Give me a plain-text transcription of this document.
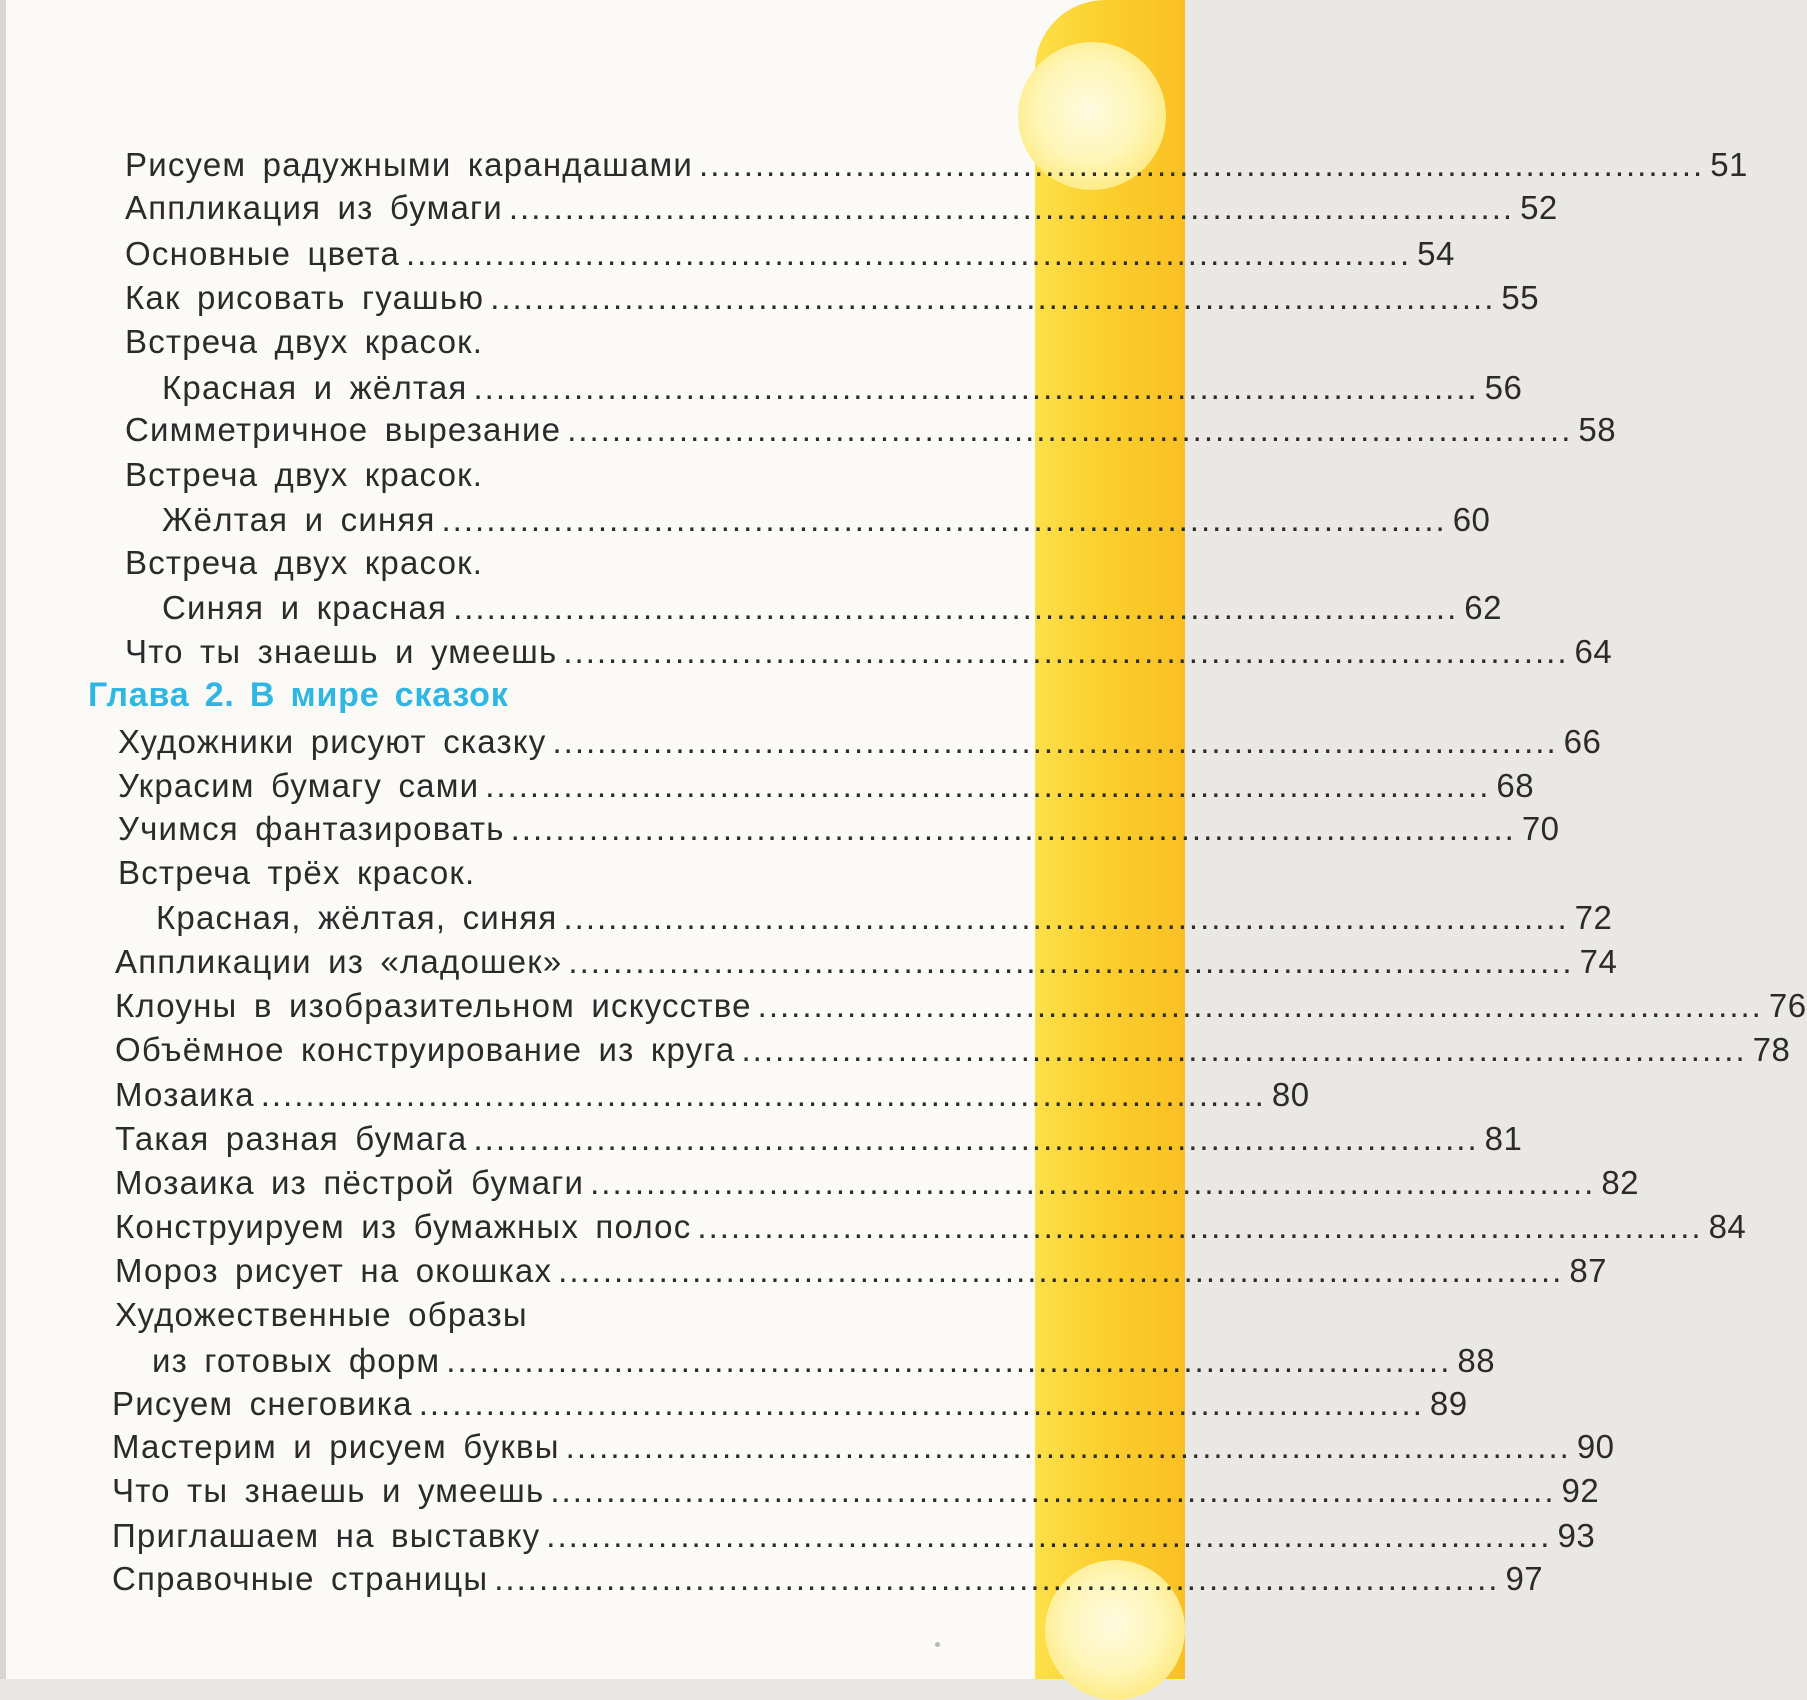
Рисуем радужными карандашами .......................................................................................... 51
Аппликация из бумаги .......................................................................................... 52
Основные цвета .......................................................................................... 54
Как рисовать гуашью .......................................................................................... 55
Встреча двух красок.
Красная и жёлтая .......................................................................................... 56
Симметричное вырезание .......................................................................................... 58
Встреча двух красок.
Жёлтая и синяя .......................................................................................... 60
Встреча двух красок.
Синяя и красная .......................................................................................... 62
Что ты знаешь и умеешь .......................................................................................... 64
Глава 2. В мире сказок
Художники рисуют сказку .......................................................................................... 66
Украсим бумагу сами .......................................................................................... 68
Учимся фантазировать .......................................................................................... 70
Встреча трёх красок.
Красная, жёлтая, синяя .......................................................................................... 72
Аппликации из «ладошек» .......................................................................................... 74
Клоуны в изобразительном искусстве .......................................................................................... 76
Объёмное конструирование из круга .......................................................................................... 78
Мозаика .......................................................................................... 80
Такая разная бумага .......................................................................................... 81
Мозаика из пёстрой бумаги .......................................................................................... 82
Конструируем из бумажных полос .......................................................................................... 84
Мороз рисует на окошках .......................................................................................... 87
Художественные образы
из готовых форм .......................................................................................... 88
Рисуем снеговика .......................................................................................... 89
Мастерим и рисуем буквы .......................................................................................... 90
Что ты знаешь и умеешь .......................................................................................... 92
Приглашаем на выставку .......................................................................................... 93
Справочные страницы .......................................................................................... 97
